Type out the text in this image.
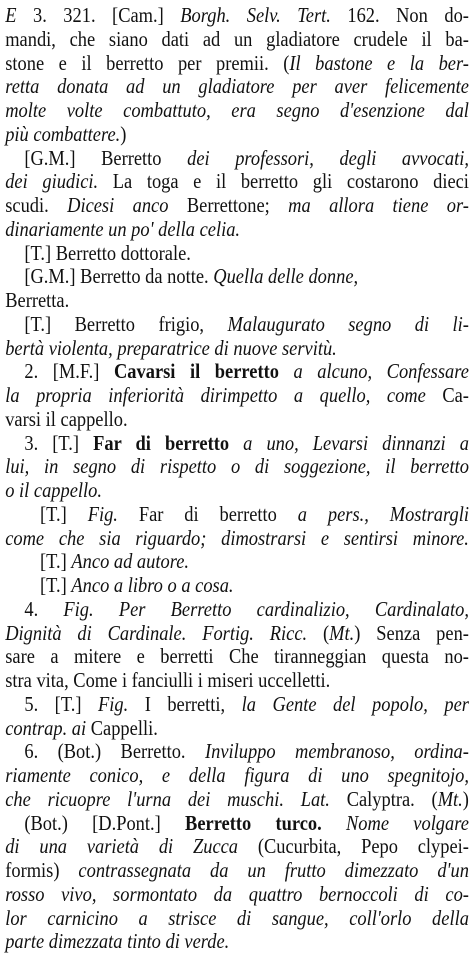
E 3. 321. [Cam.] Borgh. Selv. Tert. 162. Non do-
mandi, che siano dati ad un gladiatore crudele il ba-
stone e il berretto per premii. (Il bastone e la ber-
retta donata ad un gladiatore per aver felicemente
molte volte combattuto, era segno d'esenzione dal
più combattere.)
[G.M.] Berretto dei professori, degli avvocati,
dei giudici. La toga e il berretto gli costarono dieci
scudi. Dicesi anco Berrettone; ma allora tiene or-
dinariamente un po' della celia.
[T.] Berretto dottorale.
[G.M.] Berretto da notte. Quella delle donne,
Berretta.
[T.] Berretto frigio, Malaugurato segno di li-
bertà violenta, preparatrice di nuove servitù.
2. [M.F.] Cavarsi il berretto a alcuno, Confessare
la propria inferiorità dirimpetto a quello, come Ca-
varsi il cappello.
3. [T.] Far di berretto a uno, Levarsi dinnanzi a
lui, in segno di rispetto o di soggezione, il berretto
o il cappello.
[T.] Fig. Far di berretto a pers., Mostrargli
come che sia riguardo; dimostrarsi e sentirsi minore.
[T.] Anco ad autore.
[T.] Anco a libro o a cosa.
4. Fig. Per Berretto cardinalizio, Cardinalato,
Dignità di Cardinale. Fortig. Ricc. (Mt.) Senza pen-
sare a mitere e berretti Che tiranneggian questa no-
stra vita, Come i fanciulli i miseri uccelletti.
5. [T.] Fig. I berretti, la Gente del popolo, per
contrap. ai Cappelli.
6. (Bot.) Berretto. Inviluppo membranoso, ordina-
riamente conico, e della figura di uno spegnitojo,
che ricuopre l'urna dei muschi. Lat. Calyptra. (Mt.)
(Bot.) [D.Pont.] Berretto turco. Nome volgare
di una varietà di Zucca (Cucurbita, Pepo clypei-
formis) contrassegnata da un frutto dimezzato d'un
rosso vivo, sormontato da quattro bernoccoli di co-
lor carnicino a strisce di sangue, coll'orlo della
parte dimezzata tinto di verde.
